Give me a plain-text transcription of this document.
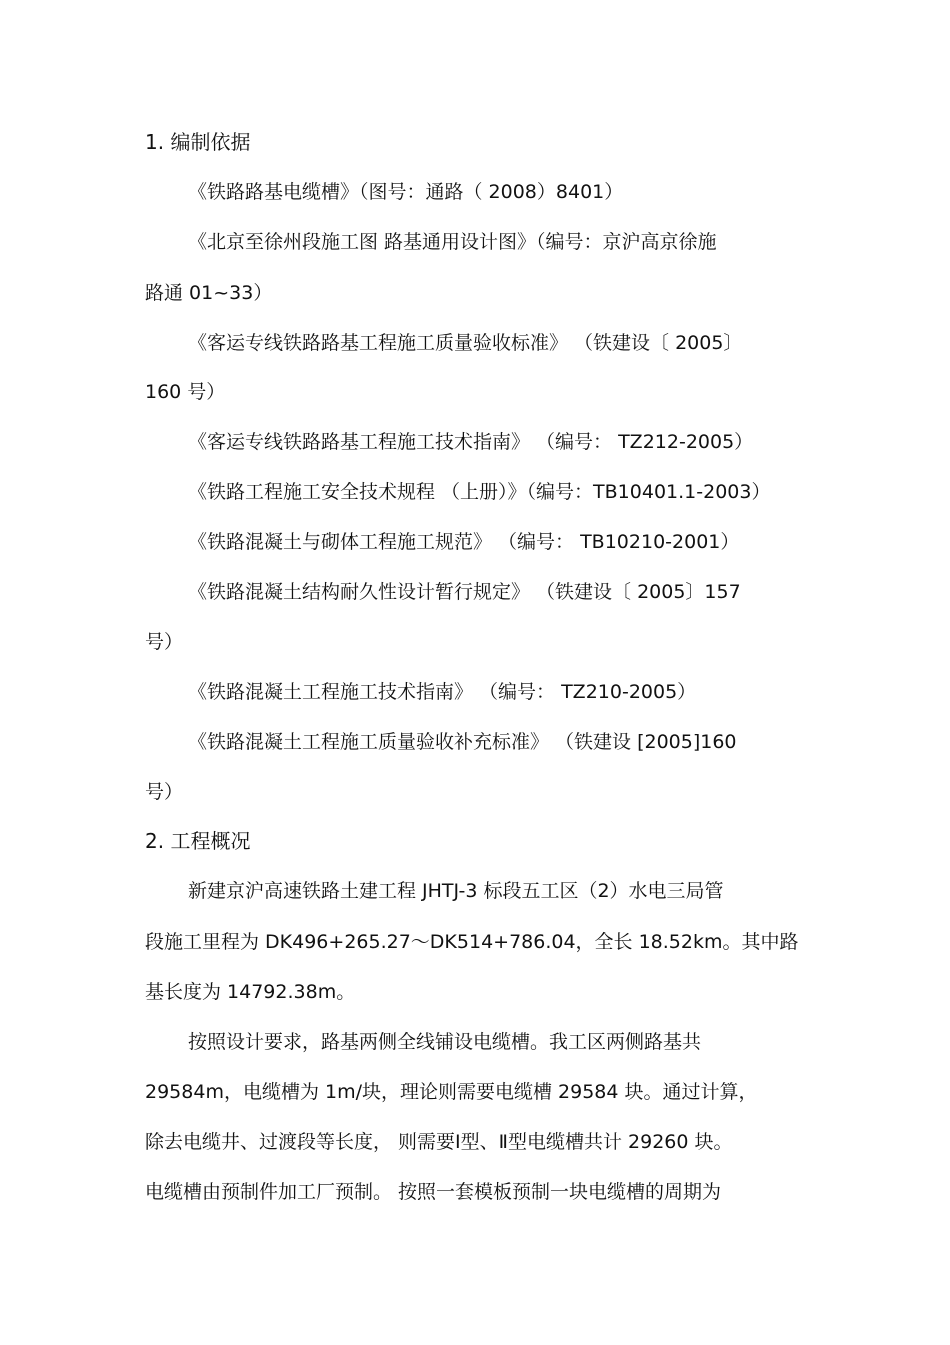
1. 编制依据
《铁路路基电缆槽》（图号：通路（ 2008）8401）
《北京至徐州段施工图 路基通用设计图》（编号：京沪高京徐施
路通 01~33）
《客运专线铁路路基工程施工质量验收标准》 （铁建设〔 2005〕
160 号）
《客运专线铁路路基工程施工技术指南》 （编号： TZ212-2005）
《铁路工程施工安全技术规程 （上册）》（编号：TB10401.1-2003）
《铁路混凝土与砌体工程施工规范》 （编号： TB10210-2001）
《铁路混凝土结构耐久性设计暂行规定》 （铁建设〔 2005〕157
号）
《铁路混凝土工程施工技术指南》 （编号： TZ210-2005）
《铁路混凝土工程施工质量验收补充标准》 （铁建设 [2005]160
号）
2. 工程概况
新建京沪高速铁路土建工程 JHTJ-3 标段五工区（2）水电三局管
段施工里程为 DK496+265.27～DK514+786.04，全长 18.52km。其中路
基长度为 14792.38m。
按照设计要求，路基两侧全线铺设电缆槽。我工区两侧路基共
29584m，电缆槽为 1m/块，理论则需要电缆槽 29584 块。通过计算，
除去电缆井、过渡段等长度， 则需要Ⅰ型、Ⅱ型电缆槽共计 29260 块。
电缆槽由预制件加工厂预制。 按照一套模板预制一块电缆槽的周期为
